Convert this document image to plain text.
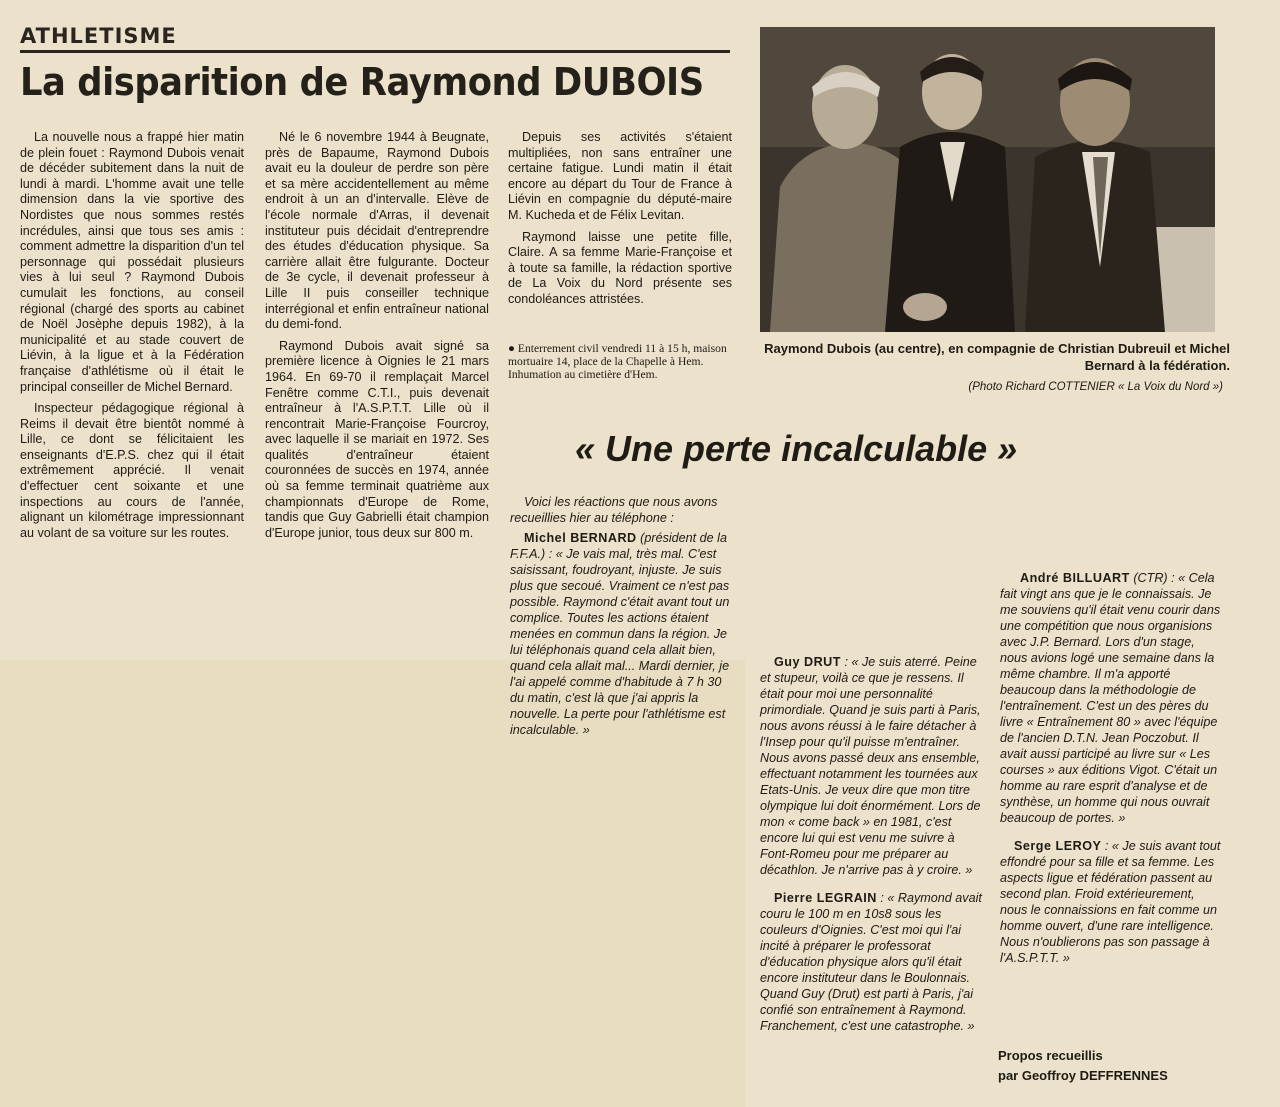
ATHLETISME
La disparition de Raymond DUBOIS

La nouvelle nous a frappé hier matin de plein fouet : Raymond Dubois venait de décéder subitement dans la nuit de lundi à mardi. L'homme avait une telle dimension dans la vie sportive des Nordistes que nous sommes restés incrédules, ainsi que tous ses amis : comment admettre la disparition d'un tel personnage qui possédait plusieurs vies à lui seul ? Raymond Dubois cumulait les fonctions, au conseil régional (chargé des sports au cabinet de Noël Josèphe depuis 1982), à la municipalité et au stade couvert de Liévin, à la ligue et à la Fédération française d'athlétisme où il était le principal conseiller de Michel Bernard.

Inspecteur pédagogique régional à Reims il devait être bientôt nommé à Lille, ce dont se félicitaient les enseignants d'E.P.S. chez qui il était extrêmement apprécié. Il venait d'effectuer cent soixante et une inspections au cours de l'année, alignant un kilométrage impressionnant au volant de sa voiture sur les routes.

Né le 6 novembre 1944 à Beugnate, près de Bapaume, Raymond Dubois avait eu la douleur de perdre son père et sa mère accidentellement au même endroit à un an d'intervalle. Elève de l'école normale d'Arras, il devenait instituteur puis décidait d'entreprendre des études d'éducation physique. Sa carrière allait être fulgurante. Docteur de 3e cycle, il devenait professeur à Lille II puis conseiller technique interrégional et enfin entraîneur national du demi-fond.

Raymond Dubois avait signé sa première licence à Oignies le 21 mars 1964. En 69-70 il remplaçait Marcel Fenêtre comme C.T.I., puis devenait entraîneur à l'A.S.P.T.T. Lille où il rencontrait Marie-Françoise Fourcroy, avec laquelle il se mariait en 1972. Ses qualités d'entraîneur étaient couronnées de succès en 1974, année où sa femme terminait quatrième aux championnats d'Europe de Rome, tandis que Guy Gabrielli était champion d'Europe junior, tous deux sur 800 m.

Depuis ses activités s'étaient multipliées, non sans entraîner une certaine fatigue. Lundi matin il était encore au départ du Tour de France à Liévin en compagnie du député-maire M. Kucheda et de Félix Levitan.

Raymond laisse une petite fille, Claire. A sa femme Marie-Françoise et à toute sa famille, la rédaction sportive de La Voix du Nord présente ses condoléances attristées.

● Enterrement civil vendredi 11 à 15 h, maison mortuaire 14, place de la Chapelle à Hem. Inhumation au cimetière d'Hem.
Raymond Dubois (au centre), en compagnie de Christian Dubreuil et Michel Bernard à la fédération.
(Photo Richard COTTENIER « La Voix du Nord »)
« Une perte incalculable »

Voici les réactions que nous avons recueillies hier au téléphone :

Michel BERNARD (président de la F.F.A.) : « Je vais mal, très mal. C'est saisissant, foudroyant, injuste. Je suis plus que secoué. Vraiment ce n'est pas possible. Raymond c'était avant tout un complice. Toutes les actions étaient menées en commun dans la région. Je lui téléphonais quand cela allait bien, quand cela allait mal... Mardi dernier, je l'ai appelé comme d'habitude à 7 h 30 du matin, c'est là que j'ai appris la nouvelle. La perte pour l'athlétisme est incalculable. »

Guy DRUT : « Je suis aterré. Peine et stupeur, voilà ce que je ressens. Il était pour moi une personnalité primordiale. Quand je suis parti à Paris, nous avons réussi à le faire détacher à l'Insep pour qu'il puisse m'entraîner. Nous avons passé deux ans ensemble, effectuant notamment les tournées aux Etats-Unis. Je veux dire que mon titre olympique lui doit énormément. Lors de mon « come back » en 1981, c'est encore lui qui est venu me suivre à Font-Romeu pour me préparer au décathlon. Je n'arrive pas à y croire. »

Pierre LEGRAIN : « Raymond avait couru le 100 m en 10s8 sous les couleurs d'Oignies. C'est moi qui l'ai incité à préparer le professorat d'éducation physique alors qu'il était encore instituteur dans le Boulonnais. Quand Guy (Drut) est parti à Paris, j'ai confié son entraînement à Raymond. Franchement, c'est une catastrophe. »

André BILLUART (CTR) : « Cela fait vingt ans que je le connaissais. Je me souviens qu'il était venu courir dans une compétition que nous organisions avec J.P. Bernard. Lors d'un stage, nous avions logé une semaine dans la même chambre. Il m'a apporté beaucoup dans la méthodologie de l'entraînement. C'est un des pères du livre « Entraînement 80 » avec l'équipe de l'ancien D.T.N. Jean Poczobut. Il avait aussi participé au livre sur « Les courses » aux éditions Vigot. C'était un homme au rare esprit d'analyse et de synthèse, un homme qui nous ouvrait beaucoup de portes. »

Serge LEROY : « Je suis avant tout effondré pour sa fille et sa femme. Les aspects ligue et fédération passent au second plan. Froid extérieurement, nous le connaissions en fait comme un homme ouvert, d'une rare intelligence. Nous n'oublierons pas son passage à l'A.S.P.T.T. »

Propos recueillis
par Geoffroy DEFFRENNES
